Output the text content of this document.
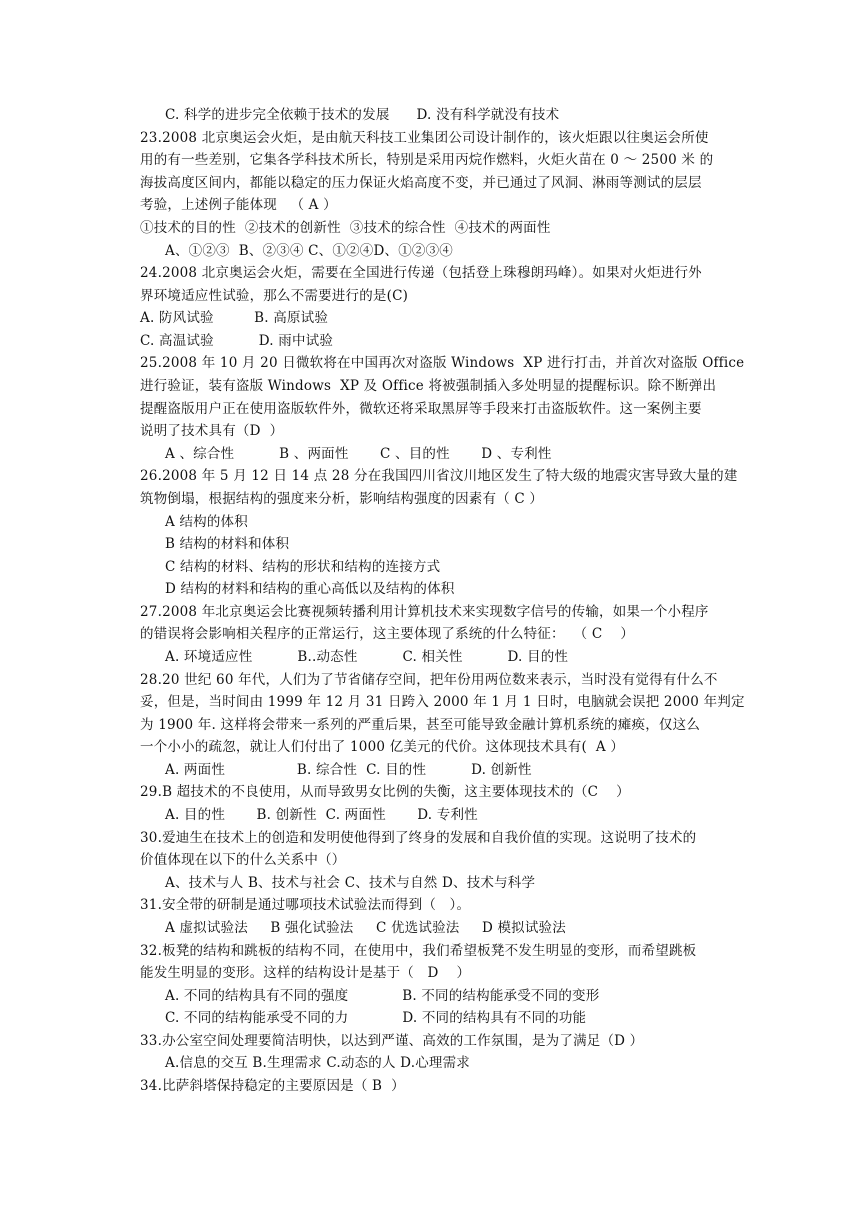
C. 科学的进步完全依赖于技术的发展      D. 没有科学就没有技术
23.2008 北京奥运会火炬，是由航天科技工业集团公司设计制作的，该火炬跟以往奥运会所使
用的有一些差别，它集各学科技术所长，特别是采用丙烷作燃料，火炬火苗在 0 ～ 2500 米 的
海拔高度区间内，都能以稳定的压力保证火焰高度不变，并已通过了风洞、淋雨等测试的层层
考验，上述例子能体现   （ A ）
①技术的目的性  ②技术的创新性  ③技术的综合性  ④技术的两面性
A、①②③  B、②③④ C、①②④D、①②③④
24.2008 北京奥运会火炬，需要在全国进行传递（包括登上珠穆朗玛峰）。如果对火炬进行外
界环境适应性试验，那么不需要进行的是(C)
A. 防风试验         B. 高原试验
C. 高温试验          D. 雨中试验
25.2008 年 10 月 20 日微软将在中国再次对盗版 Windows  XP 进行打击，并首次对盗版 Office
进行验证，装有盗版 Windows  XP 及 Office 将被强制插入多处明显的提醒标识。除不断弹出
提醒盗版用户正在使用盗版软件外，微软还将采取黑屏等手段来打击盗版软件。这一案例主要
说明了技术具有（D  ）
A 、综合性          B 、两面性       C 、目的性       D 、专利性
26.2008 年 5 月 12 日 14 点 28 分在我国四川省汶川地区发生了特大级的地震灾害导致大量的建
筑物倒塌，根据结构的强度来分析，影响结构强度的因素有（ C ）
A 结构的体积
B 结构的材料和体积
C 结构的材料、结构的形状和结构的连接方式
D 结构的材料和结构的重心高低以及结构的体积
27.2008 年北京奥运会比赛视频转播利用计算机技术来实现数字信号的传输，如果一个小程序
的错误将会影响相关程序的正常运行，这主要体现了系统的什么特征：  （ C    ）
A. 环境适应性          B..动态性          C. 相关性          D. 目的性
28.20 世纪 60 年代，人们为了节省储存空间，把年份用两位数来表示，当时没有觉得有什么不
妥，但是，当时间由 1999 年 12 月 31 日跨入 2000 年 1 月 1 日时，电脑就会误把 2000 年判定
为 1900 年. 这样将会带来一系列的严重后果，甚至可能导致金融计算机系统的瘫痪，仅这么
一个小小的疏忽，就让人们付出了 1000 亿美元的代价。这体现技术具有(  A ）
A. 两面性                B. 综合性  C. 目的性          D. 创新性
29.B 超技术的不良使用，从而导致男女比例的失衡，这主要体现技术的（C    ）
A. 目的性       B. 创新性  C. 两面性       D. 专利性
30.爱迪生在技术上的创造和发明使他得到了终身的发展和自我价值的实现。这说明了技术的
价值体现在以下的什么关系中（）
A、技术与人 B、技术与社会 C、技术与自然 D、技术与科学
31.安全带的研制是通过哪项技术试验法而得到（   ）。
A 虚拟试验法     B 强化试验法     C 优选试验法     D 模拟试验法
32.板凳的结构和跳板的结构不同，在使用中，我们希望板凳不发生明显的变形，而希望跳板
能发生明显的变形。这样的结构设计是基于（   D    ）
A. 不同的结构具有不同的强度            B. 不同的结构能承受不同的变形
C. 不同的结构能承受不同的力            D. 不同的结构具有不同的功能
33.办公室空间处理要简洁明快，以达到严谨、高效的工作氛围，是为了满足（D ）
A.信息的交互 B.生理需求 C.动态的人 D.心理需求
34.比萨斜塔保持稳定的主要原因是（ B  ）
